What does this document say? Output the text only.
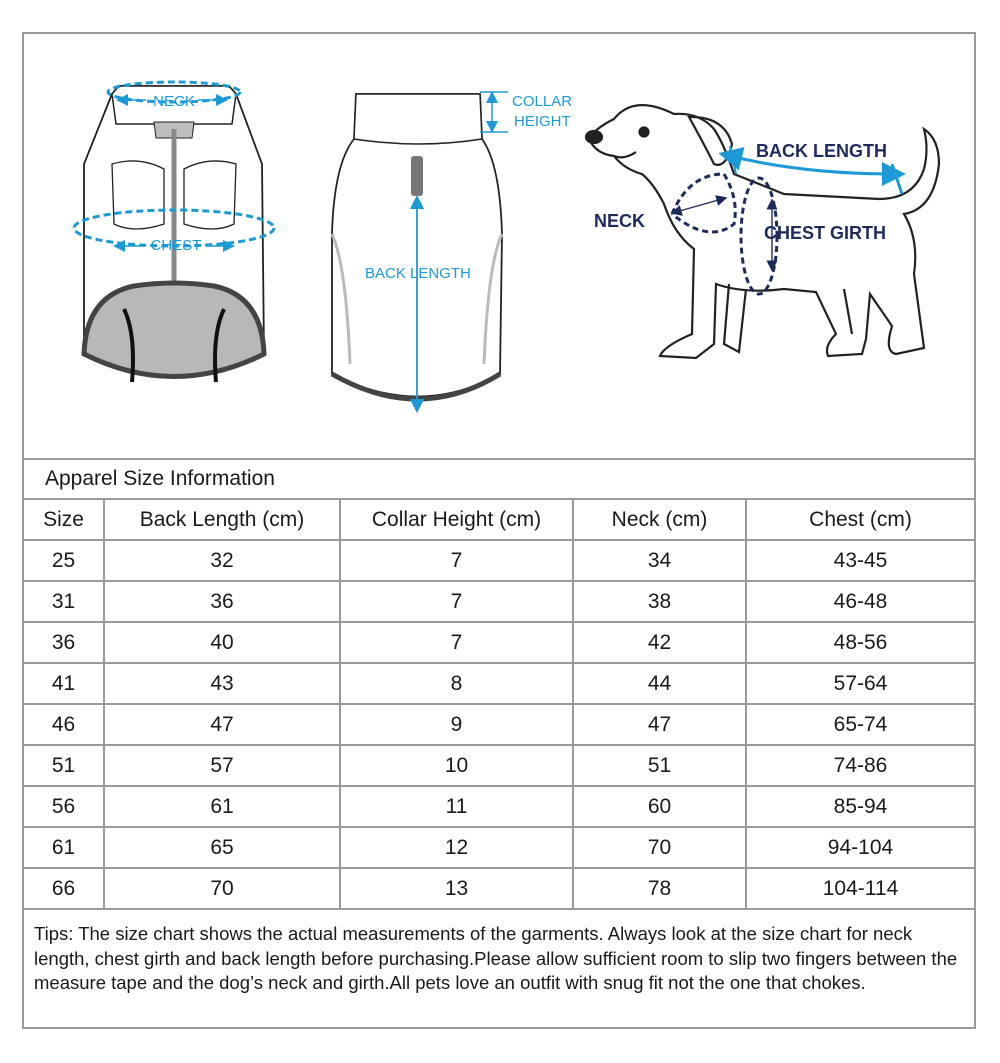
NECK
CHEST
COLLAR
HEIGHT
BACK LENGTH
BACK LENGTH
NECK
CHEST GIRTH
Apparel Size Information
Size	Back Length (cm)	Collar Height (cm)	Neck (cm)	Chest (cm)
25	32	7	34	43-45
31	36	7	38	46-48
36	40	7	42	48-56
41	43	8	44	57-64
46	47	9	47	65-74
51	57	10	51	74-86
56	61	11	60	85-94
61	65	12	70	94-104
66	70	13	78	104-114
Tips: The size chart shows the actual measurements of the garments. Always look at the size chart for neck length, chest girth and back length before purchasing.Please allow sufficient room to slip two fingers between the measure tape and the dog’s neck and girth.All pets love an outfit with snug fit not the one that chokes.
